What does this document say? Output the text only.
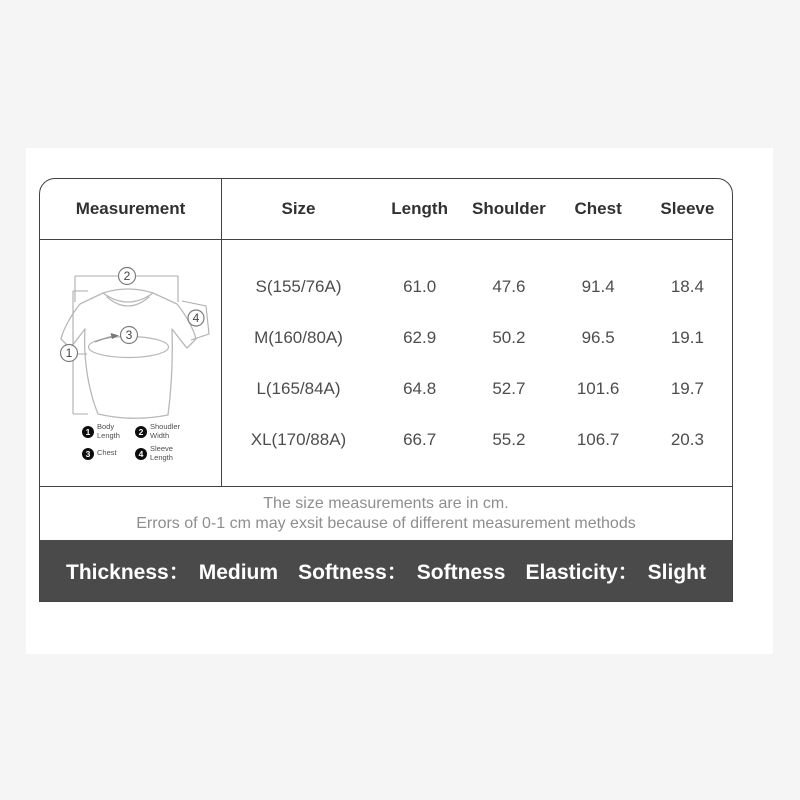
Measurement	Size	Length	Shoulder	Chest	Sleeve
2
1
3
4
1 Body
Length	2 Shoudler
Width
3 Chest	4 Sleeve
Length
S(155/76A)	61.0	47.6	91.4	18.4
M(160/80A)	62.9	50.2	96.5	19.1
L(165/84A)	64.8	52.7	101.6	19.7
XL(170/88A)	66.7	55.2	106.7	20.3
The size measurements are in cm.
Errors of 0-1 cm may exsit because of different measurement methods
Thickness： Medium Softness： Softness Elasticity： Slight
